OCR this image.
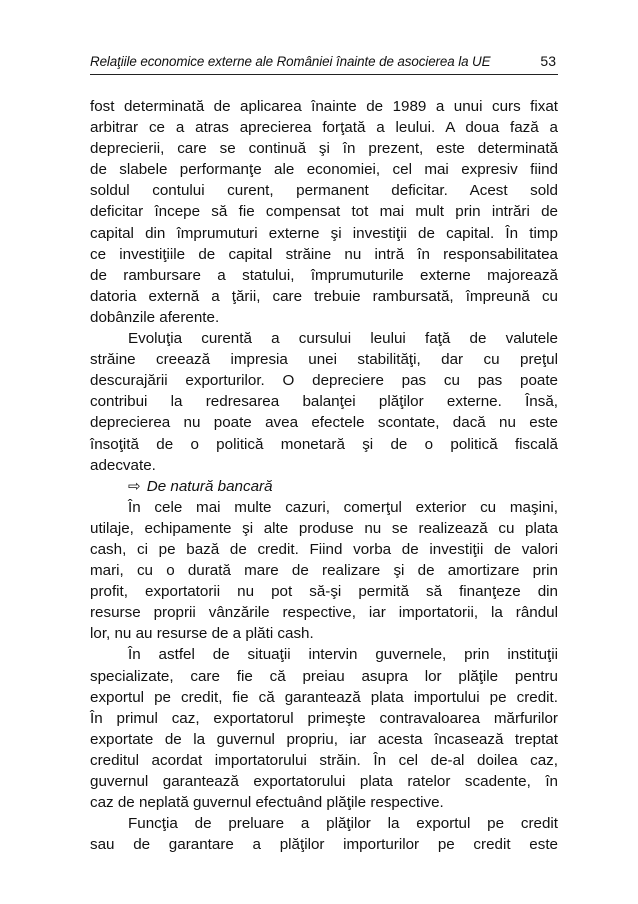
Relaţiile economice externe ale României înainte de asocierea la UE	53
fost determinată de aplicarea înainte de 1989 a unui curs fixat
arbitrar ce a atras aprecierea forţată a leului. A doua fază a
deprecierii, care se continuă şi în prezent, este determinată
de slabele performanţe ale economiei, cel mai expresiv fiind
soldul contului curent, permanent deficitar. Acest sold
deficitar începe să fie compensat tot mai mult prin intrări de
capital din împrumuturi externe şi investiţii de capital. În timp
ce investiţiile de capital străine nu intră în responsabilitatea
de rambursare a statului, împrumuturile externe majorează
datoria externă a ţării, care trebuie rambursată, împreună cu
dobânzile aferente.
Evoluţia curentă a cursului leului faţă de valutele
străine creează impresia unei stabilităţi, dar cu preţul
descurajării exporturilor. O depreciere pas cu pas poate
contribui la redresarea balanţei plăţilor externe. Însă,
deprecierea nu poate avea efectele scontate, dacă nu este
însoţită de o politică monetară şi de o politică fiscală
adecvate.
⇨ De natură bancară
În cele mai multe cazuri, comerţul exterior cu maşini,
utilaje, echipamente şi alte produse nu se realizează cu plata
cash, ci pe bază de credit. Fiind vorba de investiţii de valori
mari, cu o durată mare de realizare şi de amortizare prin
profit, exportatorii nu pot să-şi permită să finanţeze din
resurse proprii vânzările respective, iar importatorii, la rândul
lor, nu au resurse de a plăti cash.
În astfel de situaţii intervin guvernele, prin instituţii
specializate, care fie că preiau asupra lor plăţile pentru
exportul pe credit, fie că garantează plata importului pe credit.
În primul caz, exportatorul primeşte contravaloarea mărfurilor
exportate de la guvernul propriu, iar acesta încasează treptat
creditul acordat importatorului străin. În cel de-al doilea caz,
guvernul garantează exportatorului plata ratelor scadente, în
caz de neplată guvernul efectuând plăţile respective.
Funcţia de preluare a plăţilor la exportul pe credit
sau de garantare a plăţilor importurilor pe credit este
